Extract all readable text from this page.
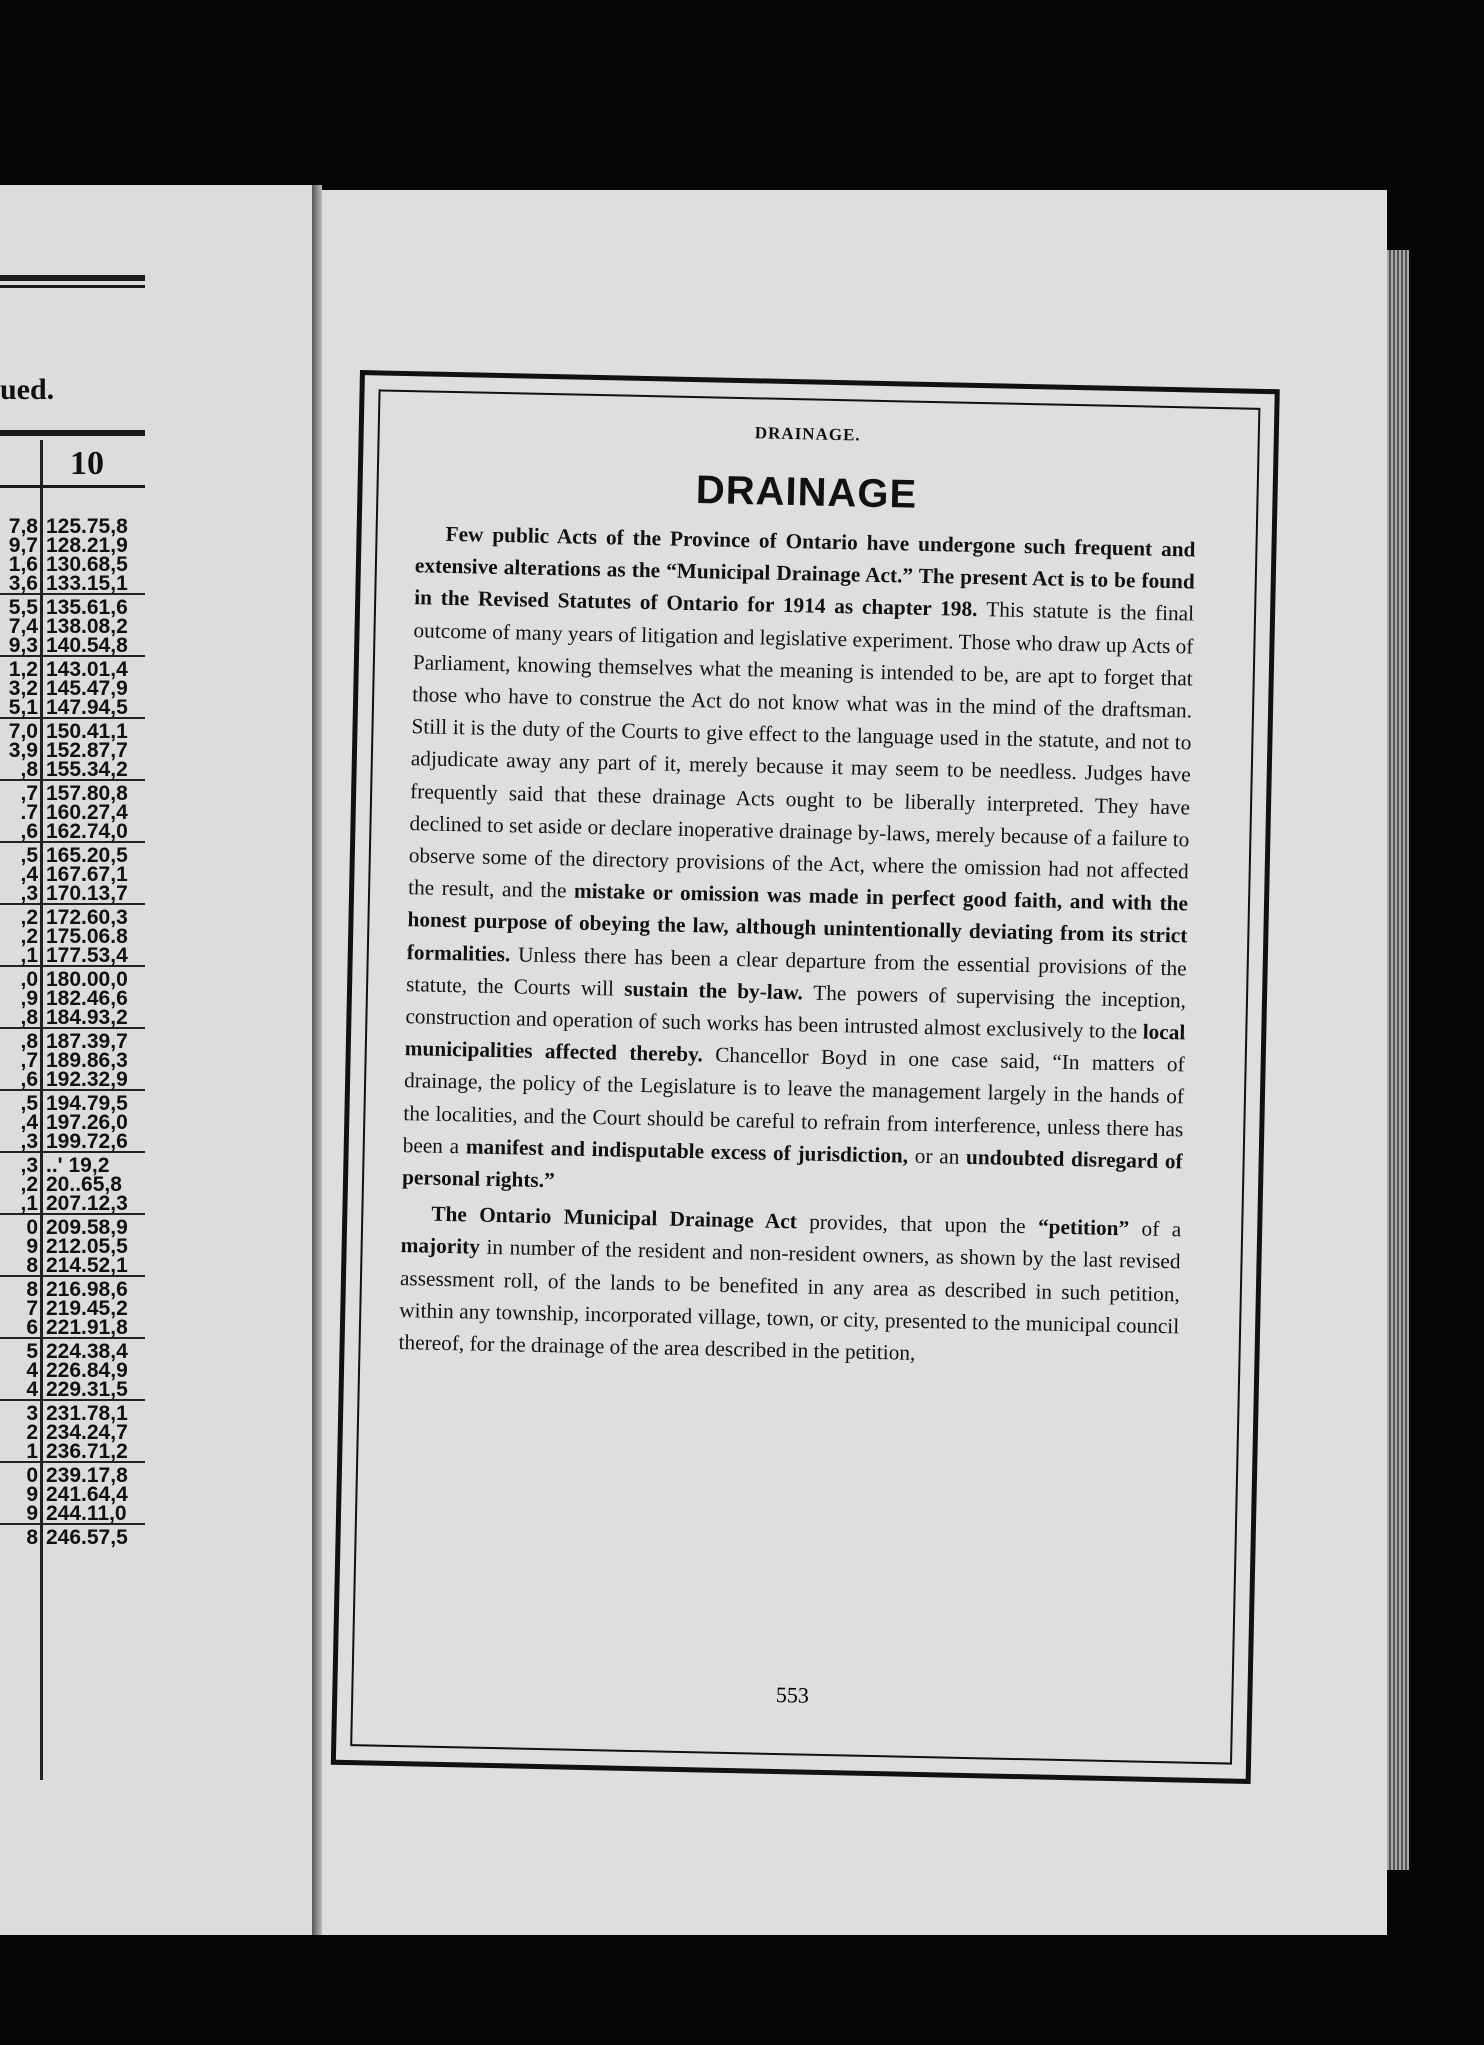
ued.
10
7,8 125.75,8
9,7 128.21,9
1,6 130.68,5
3,6 133.15,1
5,5 135.61,6
7,4 138.08,2
9,3 140.54,8
1,2 143.01,4
3,2 145.47,9
5,1 147.94,5
7,0 150.41,1
3,9 152.87,7
,8 155.34,2
,7 157.80,8
.7 160.27,4
,6 162.74,0
,5 165.20,5
,4 167.67,1
,3 170.13,7
,2 172.60,3
,2 175.06.8
,1 177.53,4
,0 180.00,0
,9 182.46,6
,8 184.93,2
,8 187.39,7
,7 189.86,3
,6 192.32,9
,5 194.79,5
,4 197.26,0
,3 199.72,6
,3 ..' 19,2
,2 20..65,8
,1 207.12,3
0 209.58,9
9 212.05,5
8 214.52,1
8 216.98,6
7 219.45,2
6 221.91,8
5 224.38,4
4 226.84,9
4 229.31,5
3 231.78,1
2 234.24,7
1 236.71,2
0 239.17,8
9 241.64,4
9 244.11,0
8 246.57,5
DRAINAGE.
DRAINAGE

Few public Acts of the Province of Ontario have undergone such frequent and extensive alterations as the “Municipal Drainage Act.” The present Act is to be found in the Revised Statutes of Ontario for 1914 as chapter 198. This statute is the final outcome of many years of litigation and legislative experiment. Those who draw up Acts of Parliament, knowing themselves what the meaning is intended to be, are apt to forget that those who have to construe the Act do not know what was in the mind of the draftsman. Still it is the duty of the Courts to give effect to the language used in the statute, and not to adjudicate away any part of it, merely because it may seem to be needless. Judges have frequently said that these drainage Acts ought to be liberally interpreted. They have declined to set aside or declare inoperative drainage by-laws, merely because of a failure to observe some of the directory provisions of the Act, where the omission had not affected the result, and the mistake or omission was made in perfect good faith, and with the honest purpose of obeying the law, although unintentionally deviating from its strict formalities. Unless there has been a clear departure from the essential provisions of the statute, the Courts will sustain the by-law. The powers of supervising the inception, construction and operation of such works has been intrusted almost exclusively to the local municipalities affected thereby. Chancellor Boyd in one case said, “In matters of drainage, the policy of the Legislature is to leave the management largely in the hands of the localities, and the Court should be careful to refrain from interference, unless there has been a manifest and indisputable excess of jurisdiction, or an undoubted disregard of personal rights.”

The Ontario Municipal Drainage Act provides, that upon the “petition” of a majority in number of the resident and non-resident owners, as shown by the last revised assessment roll, of the lands to be benefited in any area as described in such petition, within any township, incorporated village, town, or city, presented to the municipal council thereof, for the drainage of the area described in the petition,

553
